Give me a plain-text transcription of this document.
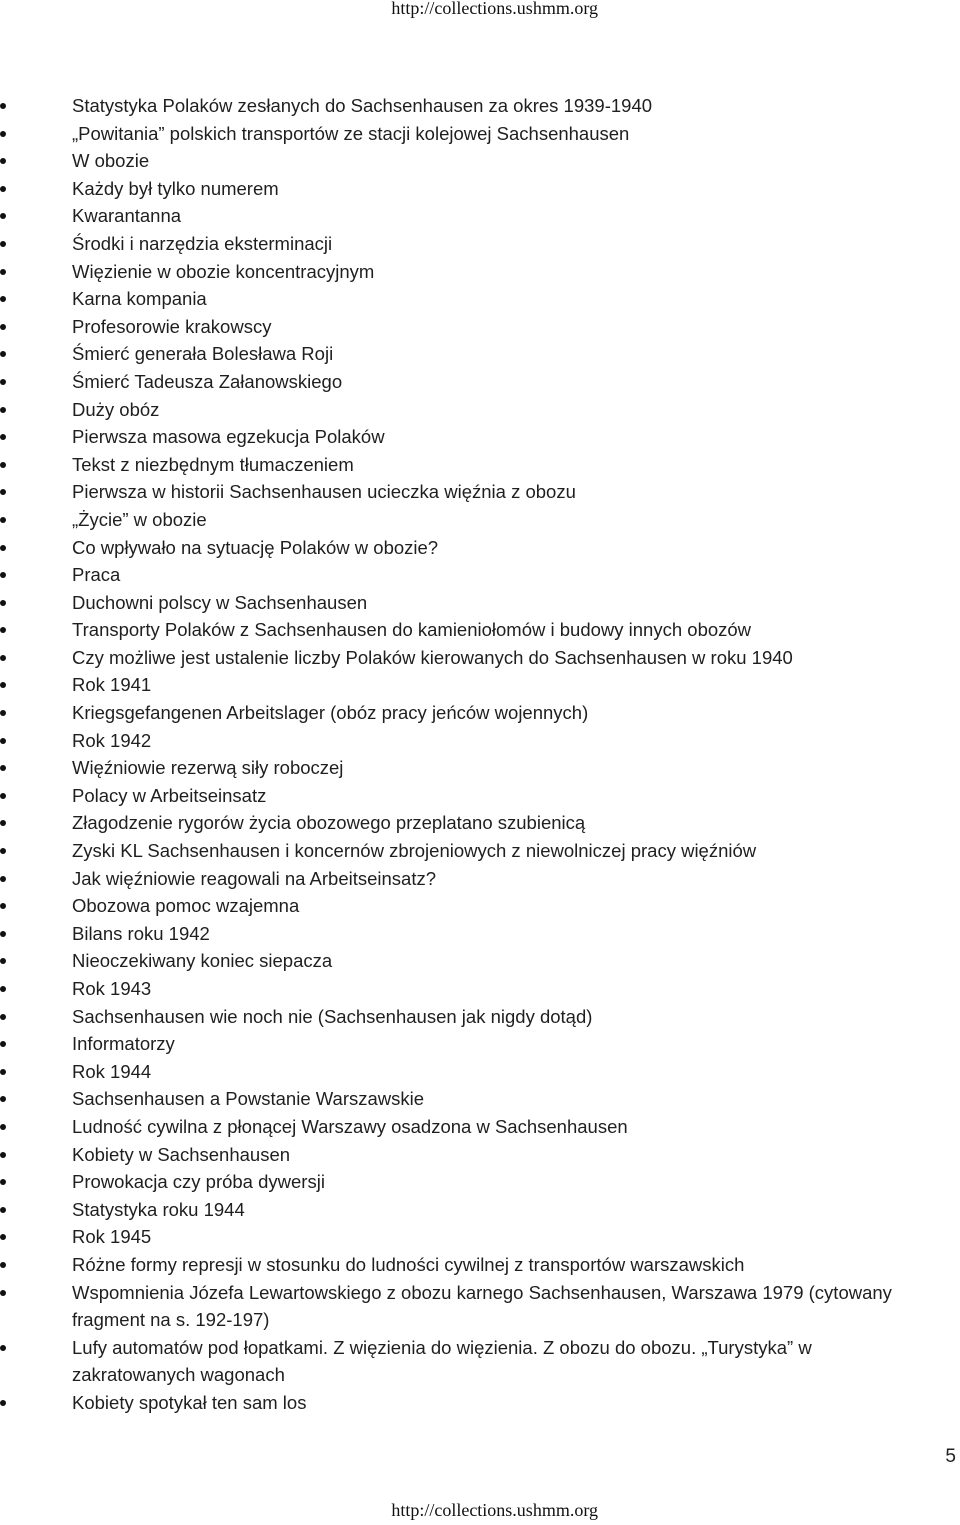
http://collections.ushmm.org
Statystyka Polaków zesłanych do Sachsenhausen za okres 1939-1940
„Powitania” polskich transportów ze stacji kolejowej Sachsenhausen
W obozie
Każdy był tylko numerem
Kwarantanna
Środki i narzędzia eksterminacji
Więzienie w obozie koncentracyjnym
Karna kompania
Profesorowie krakowscy
Śmierć generała Bolesława Roji
Śmierć Tadeusza Załanowskiego
Duży obóz
Pierwsza masowa egzekucja Polaków
Tekst z niezbędnym tłumaczeniem
Pierwsza w historii Sachsenhausen ucieczka więźnia z obozu
„Życie” w obozie
Co wpływało na sytuację Polaków w obozie?
Praca
Duchowni polscy w Sachsenhausen
Transporty Polaków z Sachsenhausen do kamieniołomów i budowy innych obozów
Czy możliwe jest ustalenie liczby Polaków kierowanych do Sachsenhausen w roku 1940
Rok 1941
Kriegsgefangenen Arbeitslager (obóz pracy jeńców wojennych)
Rok 1942
Więźniowie rezerwą siły roboczej
Polacy w Arbeitseinsatz
Złagodzenie rygorów życia obozowego przeplatano szubienicą
Zyski KL Sachsenhausen i koncernów zbrojeniowych z niewolniczej pracy więźniów
Jak więźniowie reagowali na Arbeitseinsatz?
Obozowa pomoc wzajemna
Bilans roku 1942
Nieoczekiwany koniec siepacza
Rok 1943
Sachsenhausen wie noch nie (Sachsenhausen jak nigdy dotąd)
Informatorzy
Rok 1944
Sachsenhausen a Powstanie Warszawskie
Ludność cywilna z płonącej Warszawy osadzona w Sachsenhausen
Kobiety w Sachsenhausen
Prowokacja czy próba dywersji
Statystyka roku 1944
Rok 1945
Różne formy represji w stosunku do ludności cywilnej z transportów warszawskich
Wspomnienia Józefa Lewartowskiego z obozu karnego Sachsenhausen, Warszawa 1979 (cytowany fragment na s. 192-197)
Lufy automatów pod łopatkami. Z więzienia do więzienia. Z obozu do obozu. „Turystyka” w zakratowanych wagonach
Kobiety spotykał ten sam los
5
http://collections.ushmm.org
